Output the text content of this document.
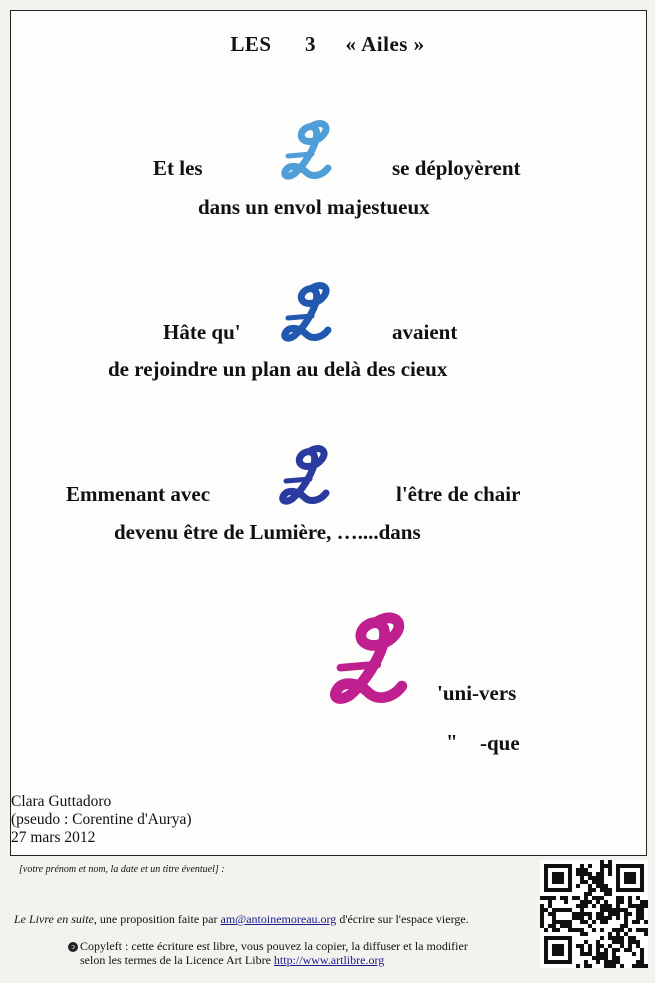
LES 3 « Ailes »
Et les	se déployèrent
dans un envol majestueux
Hâte qu'	avaient
de rejoindre un plan au delà des cieux
Emmenant avec	l'être de chair
devenu être de Lumière, …....dans
'uni-vers
" -que
Clara Guttadoro
(pseudo : Corentine d'Aurya)
27 mars 2012
[votre prénom et nom, la date et un titre éventuel] :
Le Livre en suite, une proposition faite par am@antoinemoreau.org d'écrire sur l'espace vierge.
ↄ Copyleft : cette écriture est libre, vous pouvez la copier, la diffuser et la modifier
selon les termes de la Licence Art Libre http://www.artlibre.org
